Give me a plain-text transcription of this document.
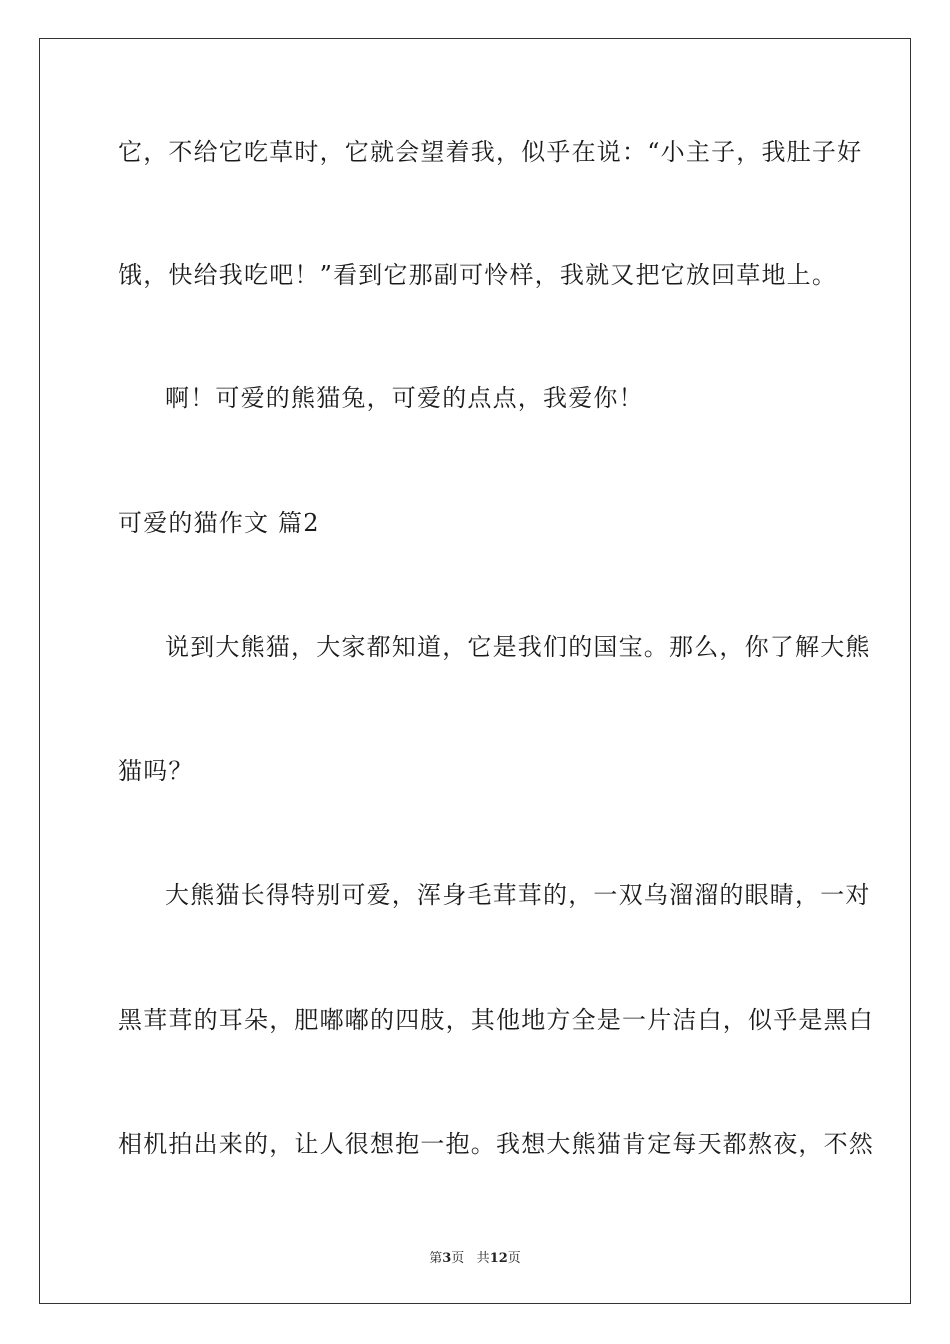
它，不给它吃草时，它就会望着我，似乎在说：“小主子，我肚子好
饿，快给我吃吧！”看到它那副可怜样，我就又把它放回草地上。
啊！可爱的熊猫兔，可爱的点点，我爱你！
可爱的猫作文 篇2
说到大熊猫，大家都知道，它是我们的国宝。那么，你了解大熊
猫吗？
大熊猫长得特别可爱，浑身毛茸茸的，一双乌溜溜的眼睛，一对
黑茸茸的耳朵，肥嘟嘟的四肢，其他地方全是一片洁白，似乎是黑白
相机拍出来的，让人很想抱一抱。我想大熊猫肯定每天都熬夜，不然
第3页 共12页
